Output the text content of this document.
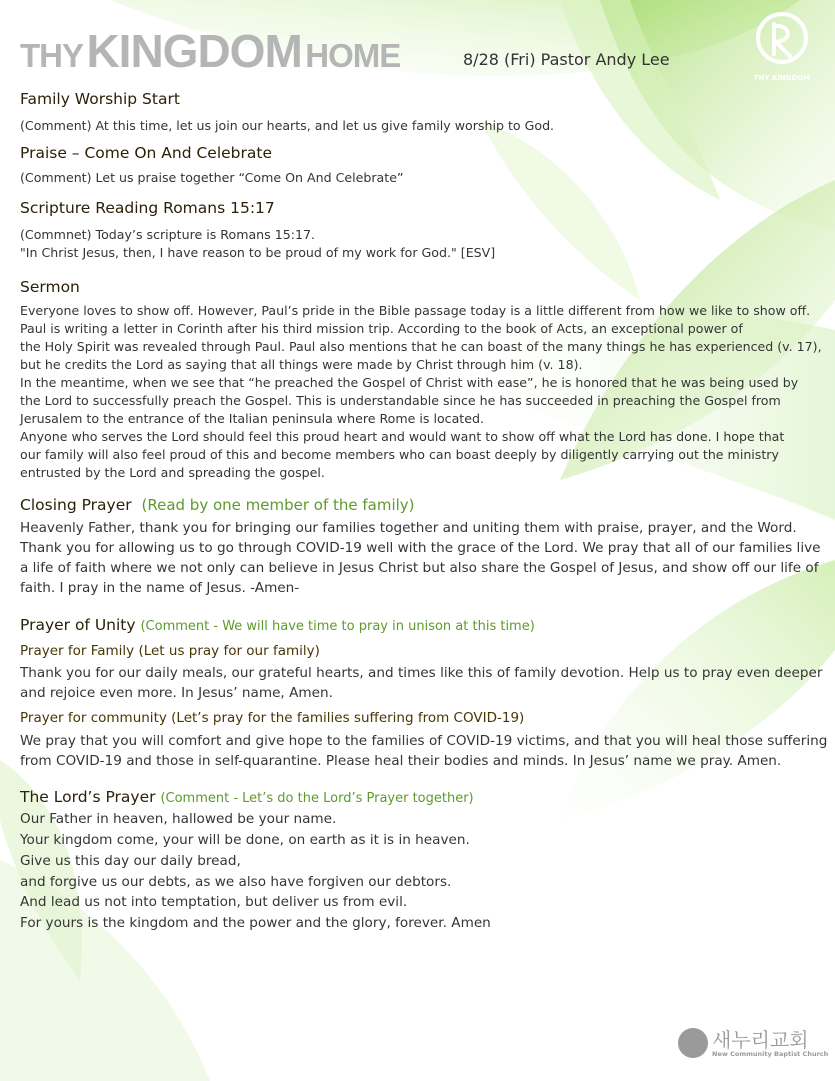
THY KINGDOM HOME	8/28 (Fri) Pastor Andy Lee
THY KINGDOM
Family Worship Start
(Comment) At this time, let us join our hearts, and let us give family worship to God.
Praise – Come On And Celebrate
(Comment) Let us praise together “Come On And Celebrate”
Scripture Reading Romans 15:17
(Commnet) Today’s scripture is Romans 15:17.
"In Christ Jesus, then, I have reason to be proud of my work for God." [ESV]
Sermon
Everyone loves to show off. However, Paul’s pride in the Bible passage today is a little different from how we like to show off.
Paul is writing a letter in Corinth after his third mission trip. According to the book of Acts, an exceptional power of
the Holy Spirit was revealed through Paul. Paul also mentions that he can boast of the many things he has experienced (v. 17),
but he credits the Lord as saying that all things were made by Christ through him (v. 18).
In the meantime, when we see that “he preached the Gospel of Christ with ease”, he is honored that he was being used by
the Lord to successfully preach the Gospel. This is understandable since he has succeeded in preaching the Gospel from
Jerusalem to the entrance of the Italian peninsula where Rome is located.
Anyone who serves the Lord should feel this proud heart and would want to show off what the Lord has done. I hope that
our family will also feel proud of this and become members who can boast deeply by diligently carrying out the ministry
entrusted by the Lord and spreading the gospel.
Closing Prayer (Read by one member of the family)
Heavenly Father, thank you for bringing our families together and uniting them with praise, prayer, and the Word.
Thank you for allowing us to go through COVID-19 well with the grace of the Lord. We pray that all of our families live
a life of faith where we not only can believe in Jesus Christ but also share the Gospel of Jesus, and show off our life of
faith. I pray in the name of Jesus. -Amen-
Prayer of Unity (Comment - We will have time to pray in unison at this time)
Prayer for Family (Let us pray for our family)
Thank you for our daily meals, our grateful hearts, and times like this of family devotion. Help us to pray even deeper
and rejoice even more. In Jesus’ name, Amen.
Prayer for community (Let’s pray for the families suffering from COVID-19)
We pray that you will comfort and give hope to the families of COVID-19 victims, and that you will heal those suffering
from COVID-19 and those in self-quarantine. Please heal their bodies and minds. In Jesus’ name we pray. Amen.
The Lord’s Prayer (Comment - Let’s do the Lord’s Prayer together)
Our Father in heaven, hallowed be your name.
Your kingdom come, your will be done, on earth as it is in heaven.
Give us this day our daily bread,
and forgive us our debts, as we also have forgiven our debtors.
And lead us not into temptation, but deliver us from evil.
For yours is the kingdom and the power and the glory, forever. Amen
새누리교회
New Community Baptist Church
